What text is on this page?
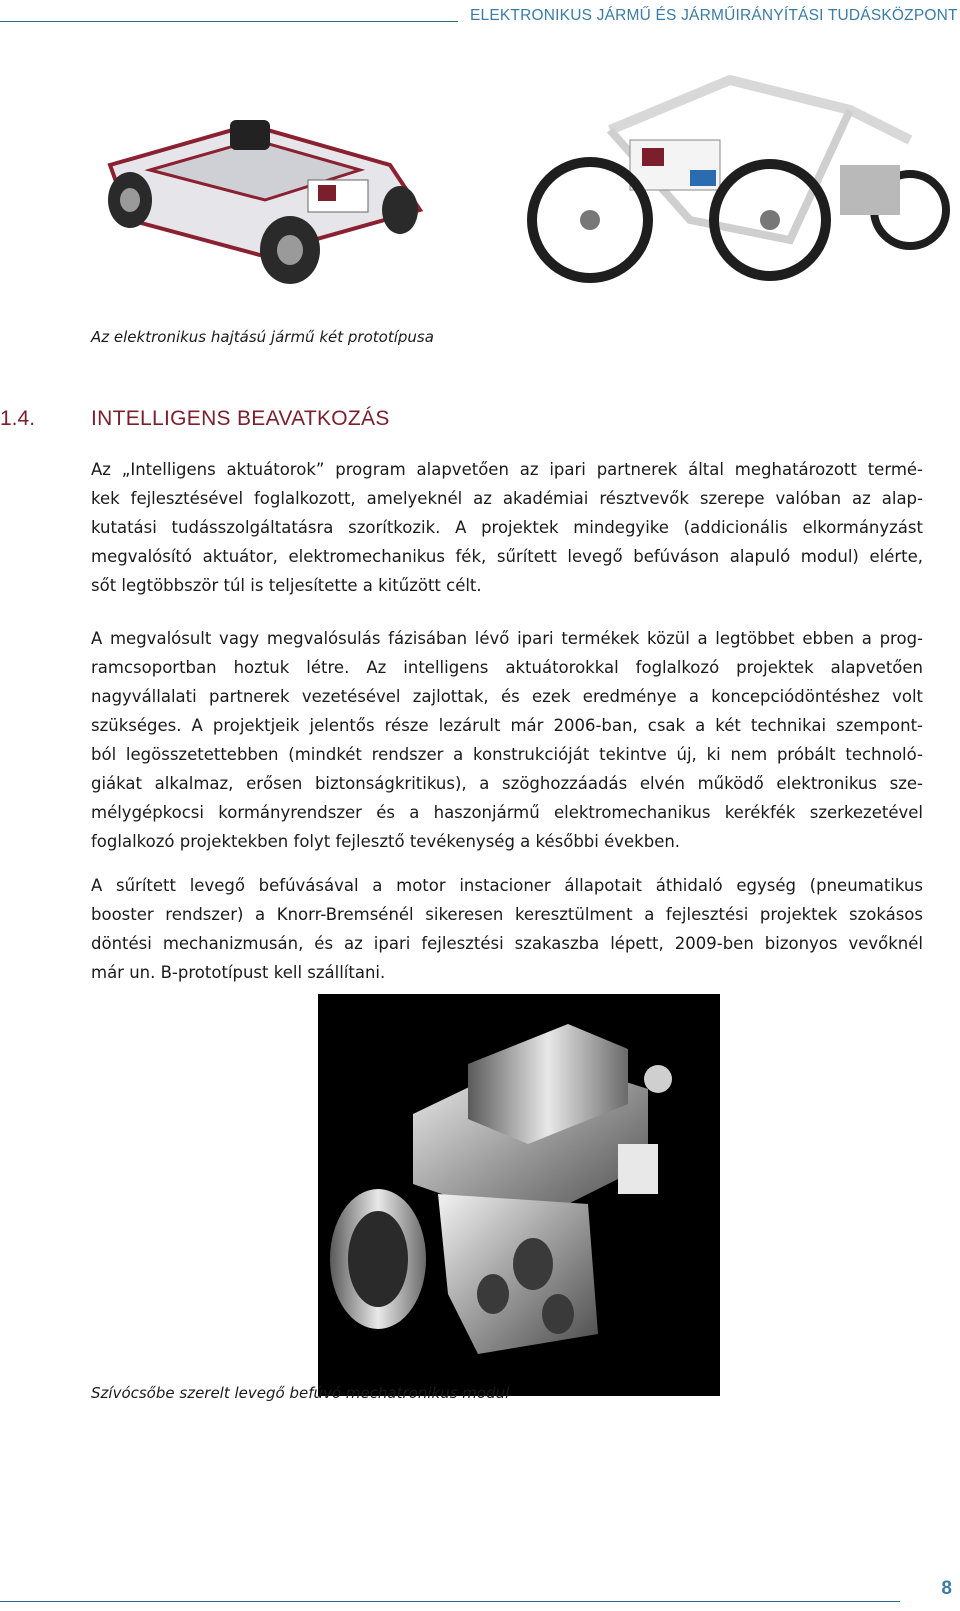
ELEKTRONIKUS JÁRMŰ ÉS JÁRMŰIRÁNYÍTÁSI TUDÁSKÖZPONT
Az elektronikus hajtású jármű két prototípusa
1.4.	INTELLIGENS BEAVATKOZÁS
Az „Intelligens aktuátorok” program alapvetően az ipari partnerek által meghatározott termé-
kek fejlesztésével foglalkozott, amelyeknél az akadémiai résztvevők szerepe valóban az alap-
kutatási tudásszolgáltatásra szorítkozik. A projektek mindegyike (addicionális elkormányzást
megvalósító aktuátor, elektromechanikus fék, sűrített levegő befúváson alapuló modul) elérte,
sőt legtöbbször túl is teljesítette a kitűzött célt.
A megvalósult vagy megvalósulás fázisában lévő ipari termékek közül a legtöbbet ebben a prog-
ramcsoportban hoztuk létre. Az intelligens aktuátorokkal foglalkozó projektek alapvetően
nagyvállalati partnerek vezetésével zajlottak, és ezek eredménye a koncepciódöntéshez volt
szükséges. A projektjeik jelentős része lezárult már 2006-ban, csak a két technikai szempont-
ból legösszetettebben (mindkét rendszer a konstrukcióját tekintve új, ki nem próbált technoló-
giákat alkalmaz, erősen biztonságkritikus), a szöghozzáadás elvén működő elektronikus sze-
mélygépkocsi kormányrendszer és a haszonjármű elektromechanikus kerékfék szerkezetével
foglalkozó projektekben folyt fejlesztő tevékenység a későbbi években.
A sűrített levegő befúvásával a motor instacioner állapotait áthidaló egység (pneumatikus
booster rendszer) a Knorr-Bremsénél sikeresen keresztülment a fejlesztési projektek szokásos
döntési mechanizmusán, és az ipari fejlesztési szakaszba lépett, 2009-ben bizonyos vevőknél
már un. B-prototípust kell szállítani.
Szívócsőbe szerelt levegő befúvó mechatronikus modul
8
